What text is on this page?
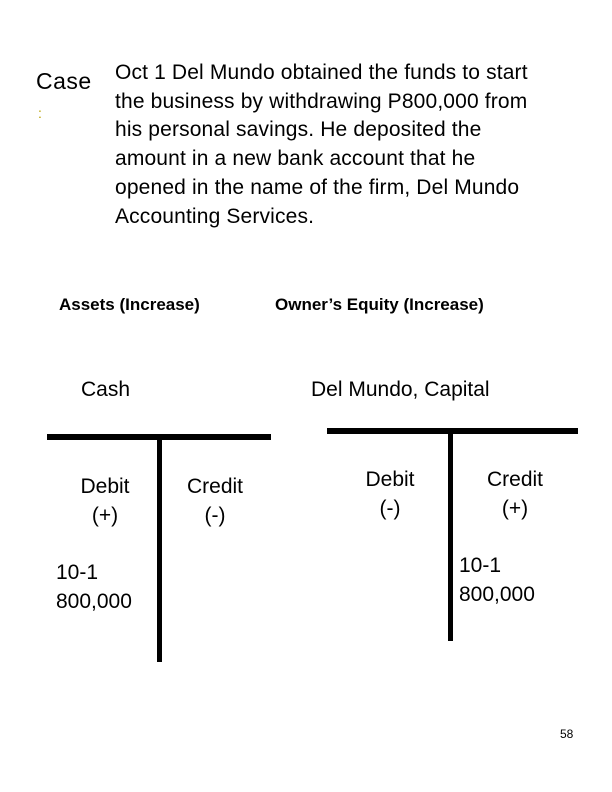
Case
:
Oct 1 Del Mundo obtained the funds to start
the business by withdrawing P800,000 from
his personal savings. He deposited the
amount in a new bank account that he
opened in the name of the firm, Del Mundo
Accounting Services.
Assets (Increase)	Owner’s Equity (Increase)
Cash	Del Mundo, Capital
Debit
(+)
Credit
(-)
Debit
(-)
Credit
(+)
10-1
800,000
10-1
800,000
58
